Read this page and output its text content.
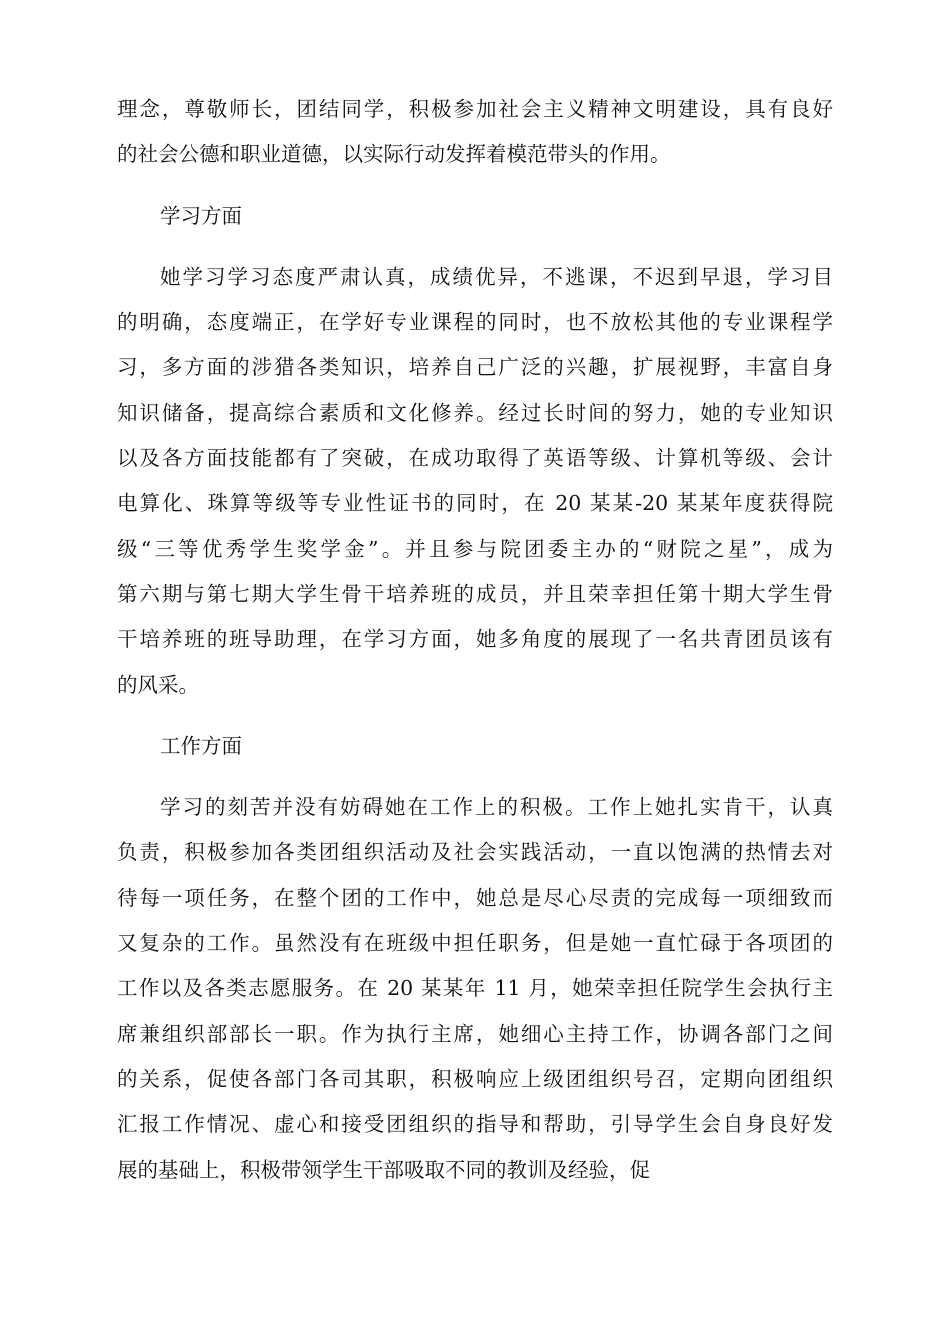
理念，尊敬师长，团结同学，积极参加社会主义精神文明建设，具有良好
的社会公德和职业道德，以实际行动发挥着模范带头的作用。
学习方面
她学习学习态度严肃认真，成绩优异，不逃课，不迟到早退，学习目
的明确，态度端正，在学好专业课程的同时，也不放松其他的专业课程学
习，多方面的涉猎各类知识，培养自己广泛的兴趣，扩展视野，丰富自身
知识储备，提高综合素质和文化修养。经过长时间的努力，她的专业知识
以及各方面技能都有了突破，在成功取得了英语等级、计算机等级、会计
电算化、珠算等级等专业性证书的同时，在 20 某某-20 某某年度获得院
级“三等优秀学生奖学金”。并且参与院团委主办的“财院之星”，成为
第六期与第七期大学生骨干培养班的成员，并且荣幸担任第十期大学生骨
干培养班的班导助理，在学习方面，她多角度的展现了一名共青团员该有
的风采。
工作方面
学习的刻苦并没有妨碍她在工作上的积极。工作上她扎实肯干，认真
负责，积极参加各类团组织活动及社会实践活动，一直以饱满的热情去对
待每一项任务，在整个团的工作中，她总是尽心尽责的完成每一项细致而
又复杂的工作。虽然没有在班级中担任职务，但是她一直忙碌于各项团的
工作以及各类志愿服务。在 20 某某年 11 月，她荣幸担任院学生会执行主
席兼组织部部长一职。作为执行主席，她细心主持工作，协调各部门之间
的关系，促使各部门各司其职，积极响应上级团组织号召，定期向团组织
汇报工作情况、虚心和接受团组织的指导和帮助，引导学生会自身良好发
展的基础上，积极带领学生干部吸取不同的教训及经验，促
